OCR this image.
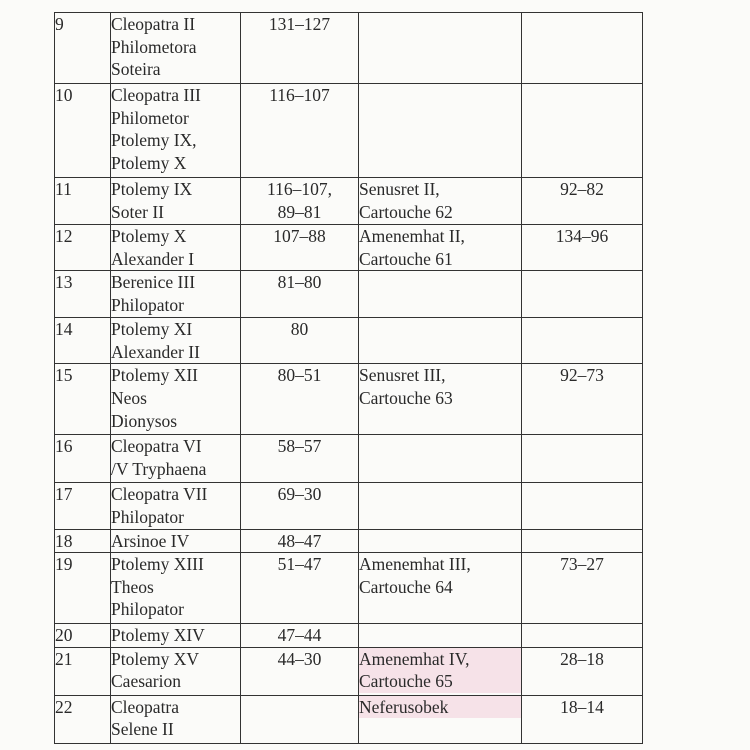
9	Cleopatra II
Philometora
Soteira	131–127		

10	Cleopatra III
Philometor
Ptolemy IX,
Ptolemy X	116–107		

11	Ptolemy IX
Soter II	116–107,
89–81	Senusret II,
Cartouche 62	92–82

12	Ptolemy X
Alexander I	107–88	Amenemhat II,
Cartouche 61	134–96

13	Berenice III
Philopator	81–80		

14	Ptolemy XI
Alexander II	80		

15	Ptolemy XII
Neos
Dionysos	80–51	Senusret III,
Cartouche 63	92–73

16	Cleopatra VI
/V Tryphaena	58–57		

17	Cleopatra VII
Philopator	69–30		

18	Arsinoe IV	48–47		

19	Ptolemy XIII
Theos
Philopator	51–47	Amenemhat III,
Cartouche 64	73–27

20	Ptolemy XIV	47–44		

21	Ptolemy XV
Caesarion	44–30	Amenemhat IV,
Cartouche 65	28–18

22	Cleopatra
Selene II		Neferusobek	18–14
